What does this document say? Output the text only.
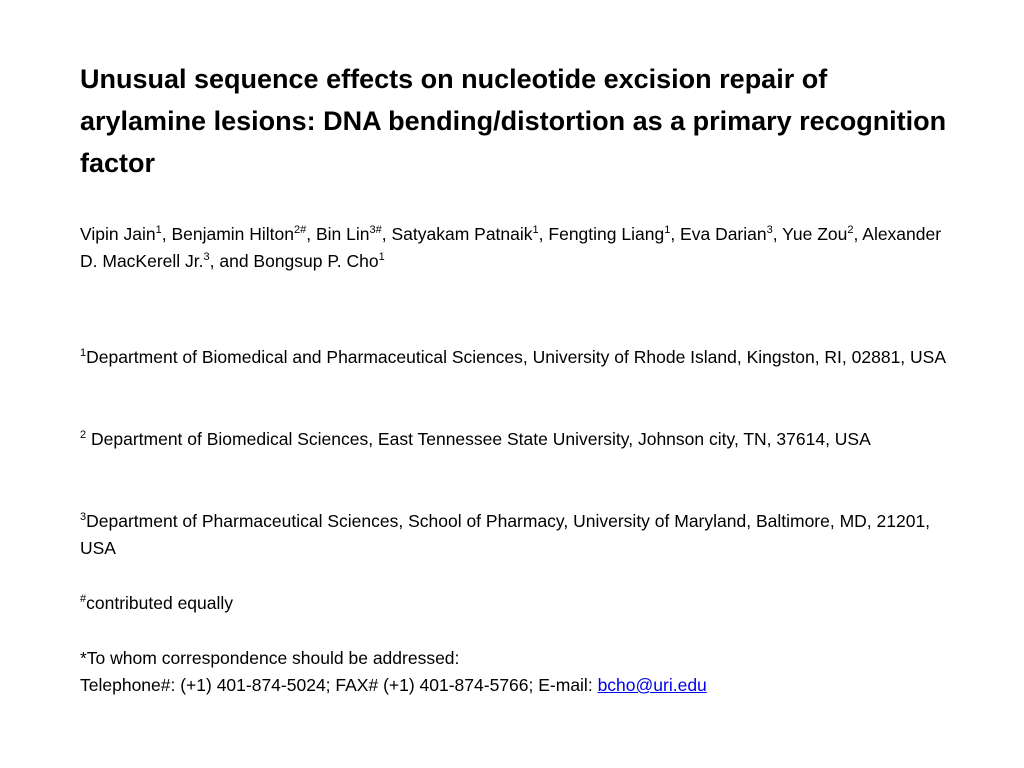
Unusual sequence effects on nucleotide excision repair of arylamine lesions: DNA bending/distortion as a primary recognition factor

Vipin Jain$^1$, Benjamin Hilton$^{2\#}$, Bin Lin$^{3\#}$, Satyakam Patnaik$^1$, Fengting Liang$^1$, Eva Darian$^3$, Yue Zou$^2$, Alexander D. MacKerell Jr.$^3$, and Bongsup P. Cho$^1$

$^1$Department of Biomedical and Pharmaceutical Sciences, University of Rhode Island, Kingston, RI, 02881, USA

$^2$ Department of Biomedical Sciences, East Tennessee State University, Johnson city, TN, 37614, USA

$^3$Department of Pharmaceutical Sciences, School of Pharmacy, University of Maryland, Baltimore, MD, 21201, USA

#contributed equally

*To whom correspondence should be addressed:
Telephone#: (+1) 401-874-5024; FAX# (+1) 401-874-5766; E-mail: bcho@uri.edu
